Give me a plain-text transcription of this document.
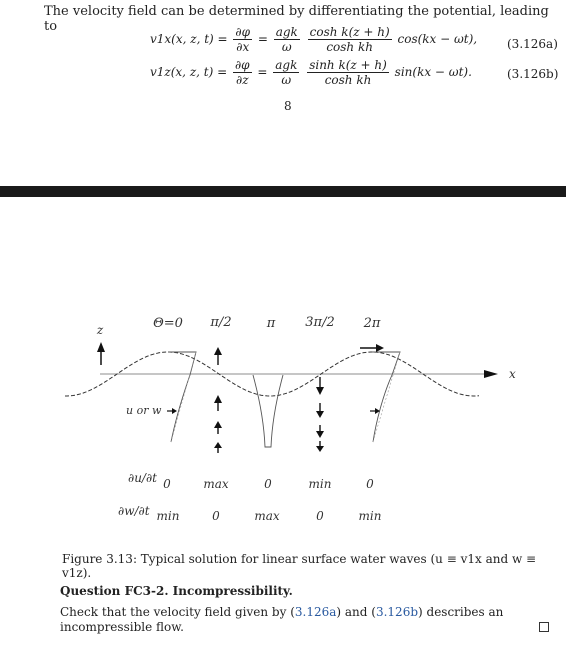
The velocity field can be determined by differentiating the potential, leading to
v1x(x, z, $t) = \frac{\partial\varphi}{\partial x} = \frac{\text{agk}}{\omega}$
$\frac{\text{cosh k(z + h)}}{\text{cosh kh}} \cos(kx - \omega t)$, (3.126a)
v1z(x, z, $t) = \frac{\partial\varphi}{\partial z} = \frac{\text{agk}}{\omega}$
$\frac{\text{sinh k(z + h)}}{\text{cosh kh}} \sin(kx - \omega t)$.	(3.126b)
8
Θ=0 π/2	π 3π/2 2π
z
x
u or w
∂u/∂t 0	max	0	min	0
∂w/∂t min	0	max	0	min
Figure 3.13: Typical solution for linear surface water waves (u ≡ v1x and w ≡ v1z).
Question FC3-2. Incompressibility.
Check that the velocity field given by (3.126a) and (3.126b) describes an incompressible flow.
